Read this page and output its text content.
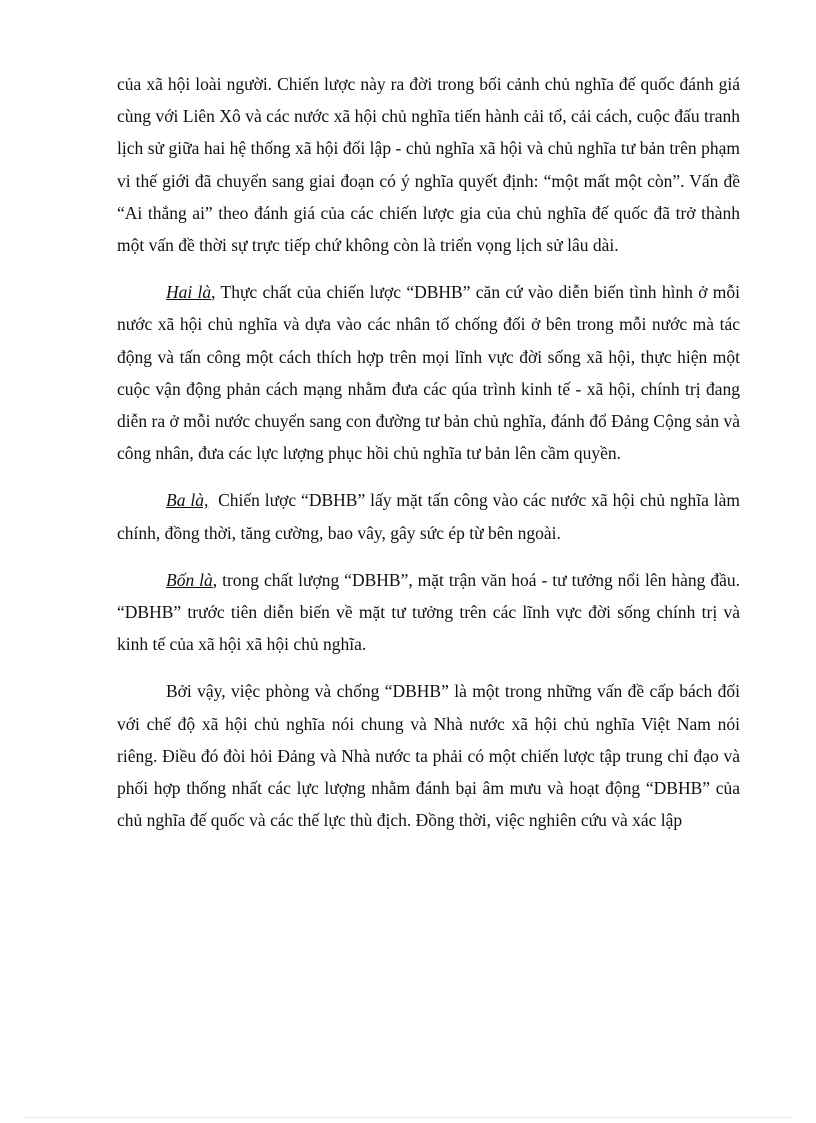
của xã hội loài người. Chiến lược này ra đời trong bối cảnh chủ nghĩa đế quốc đánh giá cùng với Liên Xô và các nước xã hội chủ nghĩa tiến hành cải tổ, cải cách, cuộc đấu tranh lịch sử giữa hai hệ thống xã hội đối lập - chủ nghĩa xã hội và chủ nghĩa tư bản trên phạm vi thế giới đã chuyển sang giai đoạn có ý nghĩa quyết định: “một mất một còn”. Vấn đề “Ai thắng ai” theo đánh giá của các chiến lược gia của chủ nghĩa đế quốc đã trở thành một vấn đề thời sự trực tiếp chứ không còn là triển vọng lịch sử lâu dài.

Hai là, Thực chất của chiến lược “DBHB” căn cứ vào diễn biến tình hình ở mỗi nước xã hội chủ nghĩa và dựa vào các nhân tố chống đối ở bên trong mỗi nước mà tác động và tấn công một cách thích hợp trên mọi lĩnh vực đời sống xã hội, thực hiện một cuộc vận động phản cách mạng nhằm đưa các qúa trình kinh tế - xã hội, chính trị đang diễn ra ở mỗi nước chuyển sang con đường tư bản chủ nghĩa, đánh đổ Đảng Cộng sản và công nhân, đưa các lực lượng phục hồi chủ nghĩa tư bản lên cầm quyền.

Ba là,  Chiến lược “DBHB” lấy mặt tấn công vào các nước xã hội chủ nghĩa làm chính, đồng thời, tăng cường, bao vây, gây sức ép từ bên ngoài.

Bốn là, trong chất lượng “DBHB”, mặt trận văn hoá - tư tưởng nổi lên hàng đầu. “DBHB” trước tiên diễn biến về mặt tư tưởng trên các lĩnh vực đời sống chính trị và kinh tế của xã hội xã hội chủ nghĩa.

Bởi vậy, việc phòng và chống “DBHB” là một trong những vấn đề cấp bách đối với chế độ xã hội chủ nghĩa nói chung và Nhà nước xã hội chủ nghĩa Việt Nam nói riêng. Điều đó đòi hỏi Đảng và Nhà nước ta phải có một chiến lược tập trung chỉ đạo và phối hợp thống nhất các lực lượng nhằm đánh bại âm mưu và hoạt động “DBHB” của chủ nghĩa đế quốc và các thế lực thù địch. Đồng thời, việc nghiên cứu và xác lập
